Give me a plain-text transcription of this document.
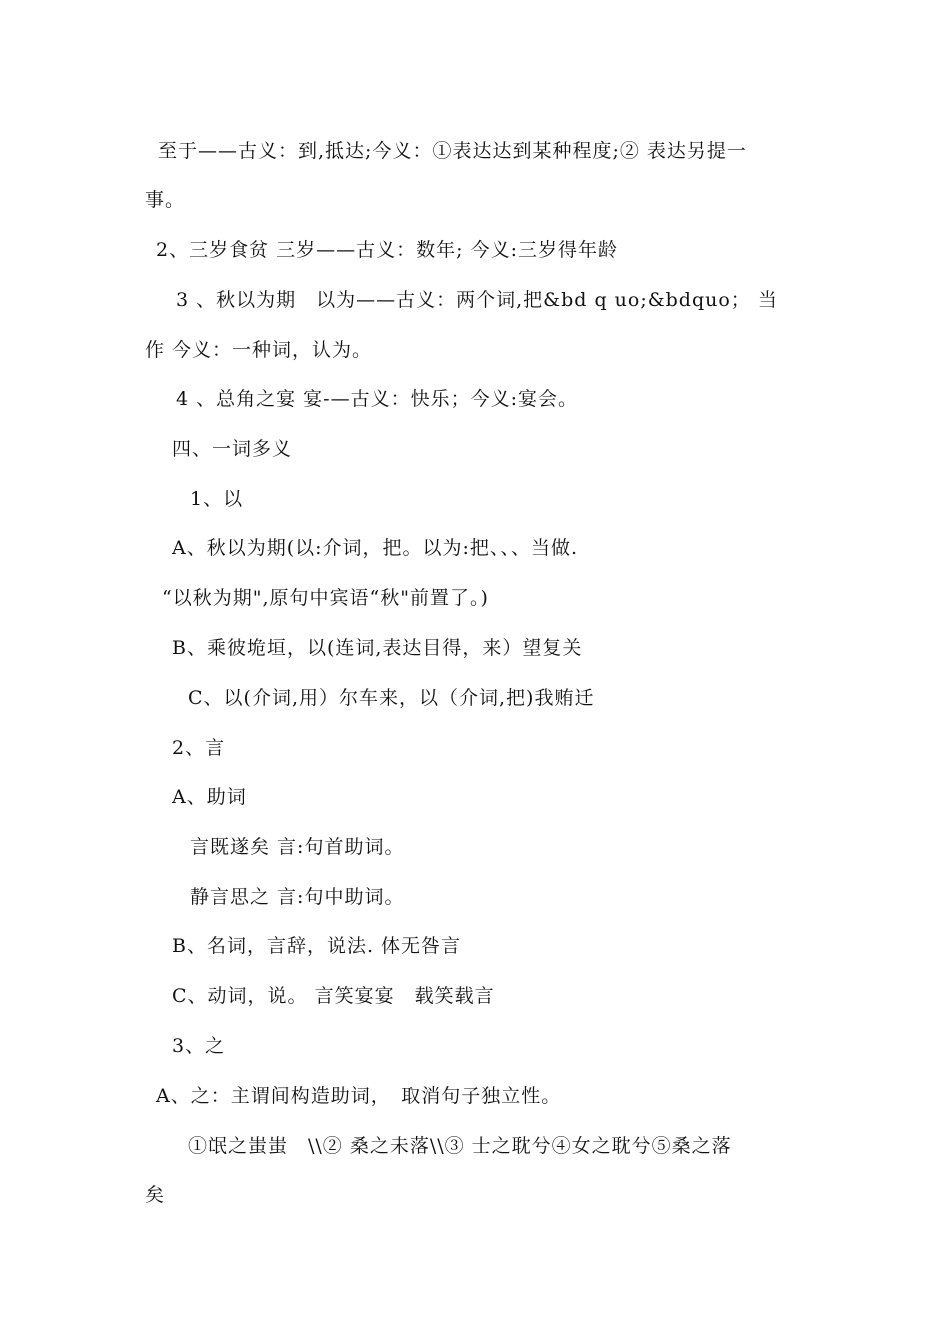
至于——古义：到,抵达;今义：①表达达到某种程度;② 表达另提一
事。
2、三岁食贫 三岁——古义：数年; 今义:三岁得年龄
3 、秋以为期　以为——古义：两个词,把&bd q uo;&bdquo； 当
作 今义：一种词，认为。
4 、总角之宴 宴-—古义：快乐；今义:宴会。
四、一词多义
1、以
A、秋以为期(以:介词，把。以为:把、、、当做.
“以秋为期",原句中宾语“秋"前置了。)
B、乘彼垝垣，以(连词,表达目得，来）望复关
C、以(介词,用）尔车来，以（介词,把)我贿迁
2、言
A、助词
言既遂矣 言:句首助词。
静言思之 言:句中助词。
B、名词，言辞，说法. 体无咎言
C、动词，说。 言笑宴宴　载笑载言
3、之
A、之：主谓间构造助词，　取消句子独立性。
①氓之蚩蚩　\\② 桑之未落\\③ 士之耽兮④女之耽兮⑤桑之落
矣
